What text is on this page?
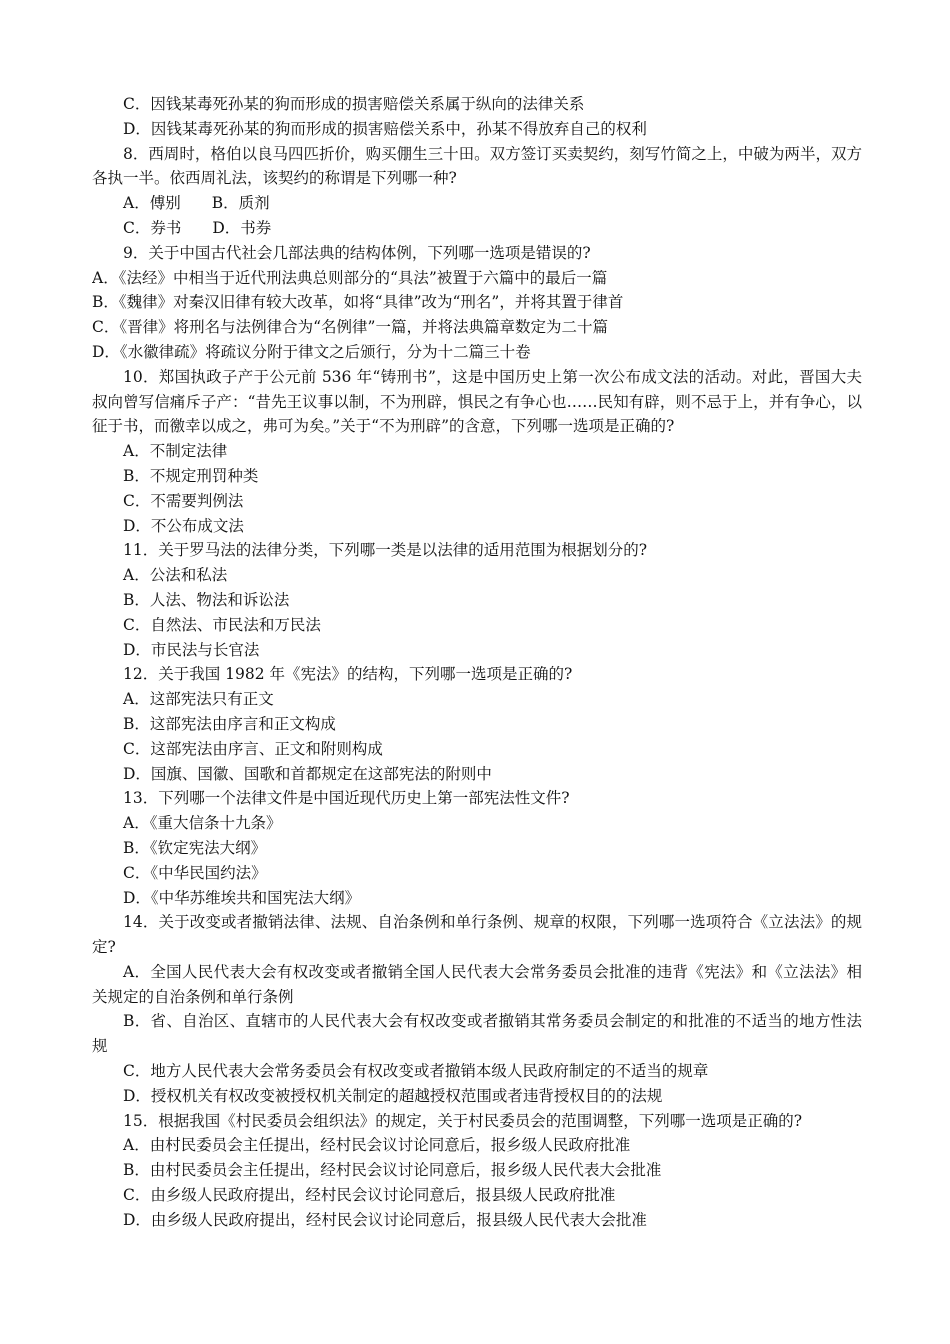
C．因钱某毒死孙某的狗而形成的损害赔偿关系属于纵向的法律关系
D．因钱某毒死孙某的狗而形成的损害赔偿关系中，孙某不得放弃自己的权利
8．西周时，格伯以良马四匹折价，购买倗生三十田。双方签订买卖契约，刻写竹简之上，中破为两半，双方各执一半。依西周礼法，该契约的称谓是下列哪一种?
A．傅别　　B．质剂
C．券书　　D．书券
9．关于中国古代社会几部法典的结构体例，下列哪一选项是错误的?
A．《法经》中相当于近代刑法典总则部分的“具法”被置于六篇中的最后一篇
B．《魏律》对秦汉旧律有较大改革，如将“具律”改为“刑名”，并将其置于律首
C．《晋律》将刑名与法例律合为“名例律”一篇，并将法典篇章数定为二十篇
D．《水徽律疏》将疏议分附于律文之后颁行，分为十二篇三十卷
10．郑国执政子产于公元前 536 年“铸刑书”，这是中国历史上第一次公布成文法的活动。对此，晋国大夫叔向曾写信痛斥子产：“昔先王议事以制，不为刑辟，惧民之有争心也……民知有辟，则不忌于上，并有争心，以征于书，而徼幸以成之，弗可为矣。”关于“不为刑辟”的含意，下列哪一选项是正确的?
A．不制定法律
B．不规定刑罚种类
C．不需要判例法
D．不公布成文法
11．关于罗马法的法律分类，下列哪一类是以法律的适用范围为根据划分的?
A．公法和私法
B．人法、物法和诉讼法
C．自然法、市民法和万民法
D．市民法与长官法
12．关于我国 1982 年《宪法》的结构，下列哪一选项是正确的?
A．这部宪法只有正文
B．这部宪法由序言和正文构成
C．这部宪法由序言、正文和附则构成
D．国旗、国徽、国歌和首都规定在这部宪法的附则中
13．下列哪一个法律文件是中国近现代历史上第一部宪法性文件?
A．《重大信条十九条》
B．《钦定宪法大纲》
C．《中华民国约法》
D．《中华苏维埃共和国宪法大纲》
14．关于改变或者撤销法律、法规、自治条例和单行条例、规章的权限，下列哪一选项符合《立法法》的规定?
A．全国人民代表大会有权改变或者撤销全国人民代表大会常务委员会批准的违背《宪法》和《立法法》相关规定的自治条例和单行条例
B．省、自治区、直辖市的人民代表大会有权改变或者撤销其常务委员会制定的和批准的不适当的地方性法规
C．地方人民代表大会常务委员会有权改变或者撤销本级人民政府制定的不适当的规章
D．授权机关有权改变被授权机关制定的超越授权范围或者违背授权目的的法规
15．根据我国《村民委员会组织法》的规定，关于村民委员会的范围调整，下列哪一选项是正确的?
A．由村民委员会主任提出，经村民会议讨论同意后，报乡级人民政府批准
B．由村民委员会主任提出，经村民会议讨论同意后，报乡级人民代表大会批准
C．由乡级人民政府提出，经村民会议讨论同意后，报县级人民政府批准
D．由乡级人民政府提出，经村民会议讨论同意后，报县级人民代表大会批准
